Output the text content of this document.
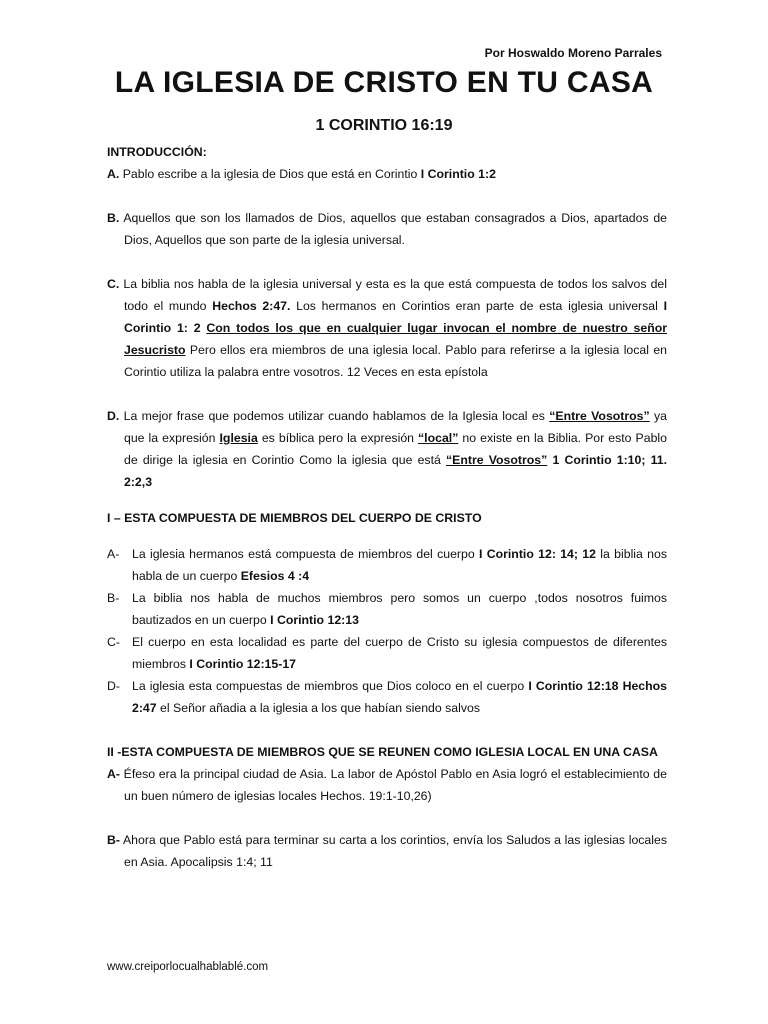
Por Hoswaldo Moreno Parrales
LA IGLESIA DE CRISTO EN TU CASA
1 CORINTIO 16:19
INTRODUCCIÓN:
A. Pablo escribe a la iglesia de Dios que está en Corintio I Corintio 1:2
B. Aquellos que son los llamados de Dios, aquellos que estaban consagrados a Dios, apartados de Dios, Aquellos que son parte de la iglesia universal.
C. La biblia nos habla de la iglesia universal y esta es la que está compuesta de todos los salvos del todo el mundo Hechos 2:47. Los hermanos en Corintios eran parte de esta iglesia universal I Corintio 1: 2 Con todos los que en cualquier lugar invocan el nombre de nuestro señor Jesucristo Pero ellos era miembros de una iglesia local. Pablo para referirse a la iglesia local en Corintio utiliza la palabra entre vosotros. 12 Veces en esta epístola
D. La mejor frase que podemos utilizar cuando hablamos de la Iglesia local es “Entre Vosotros” ya que la expresión Iglesia es bíblica pero la expresión “local” no existe en la Biblia. Por esto Pablo de dirige la iglesia en Corintio Como la iglesia que está “Entre Vosotros” 1 Corintio 1:10; 11. 2:2,3
I – ESTA COMPUESTA DE MIEMBROS DEL CUERPO DE CRISTO
A- La iglesia hermanos está compuesta de miembros del cuerpo I Corintio 12: 14; 12 la biblia nos habla de un cuerpo Efesios 4 :4
B- La biblia nos habla de muchos miembros pero somos un cuerpo ,todos nosotros fuimos bautizados en un cuerpo I Corintio 12:13
C- El cuerpo en esta localidad es parte del cuerpo de Cristo su iglesia compuestos de diferentes miembros I Corintio 12:15-17
D- La iglesia esta compuestas de miembros que Dios coloco en el cuerpo I Corintio 12:18 Hechos 2:47 el Señor añadia a la iglesia a los que habían siendo salvos
II -ESTA COMPUESTA DE MIEMBROS QUE SE REUNEN COMO IGLESIA LOCAL EN UNA CASA
A- Éfeso era la principal ciudad de Asia. La labor de Apóstol Pablo en Asia logró el establecimiento de un buen número de iglesias locales Hechos. 19:1-10,26)
B- Ahora que Pablo está para terminar su carta a los corintios, envía los Saludos a las iglesias locales en Asia. Apocalipsis 1:4; 11
www.creiporlocualhablablé.com
